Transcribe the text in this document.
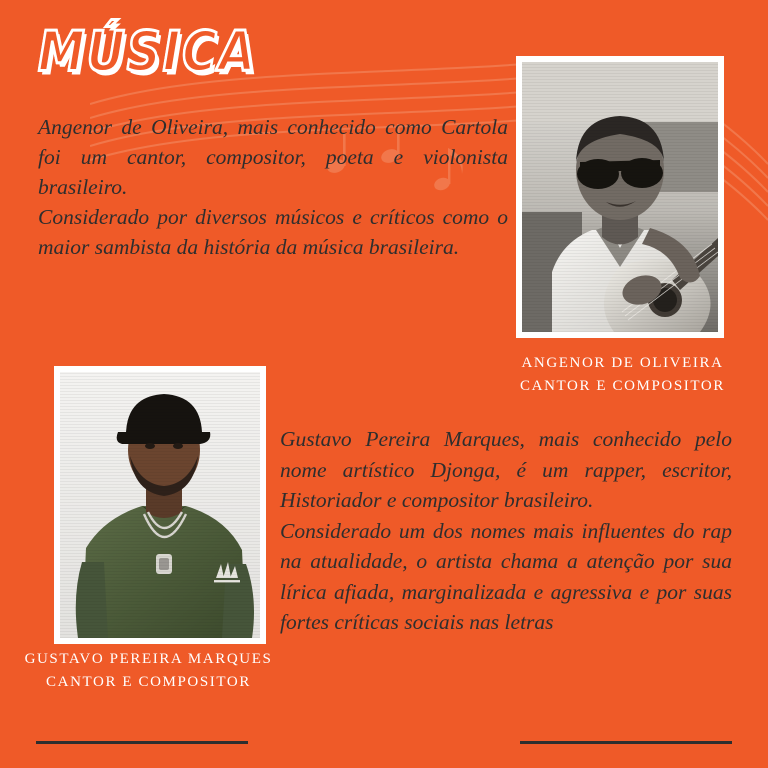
MÚSICA

Angenor de Oliveira, mais conhecido como Cartola foi um cantor, compositor, poeta e violonista brasileiro.

Considerado por diversos músicos e críticos como o maior sambista da história da música brasileira.

ANGENOR DE OLIVEIRA
CANTOR E COMPOSITOR
GUSTAVO PEREIRA MARQUES
CANTOR E COMPOSITOR

Gustavo Pereira Marques, mais conhecido pelo nome artístico Djonga, é um rapper, escritor, Historiador e compositor brasileiro.

Considerado um dos nomes mais influentes do rap na atualidade, o artista chama a atenção por sua lírica afiada, marginalizada e agressiva e por suas fortes críticas sociais nas letras
